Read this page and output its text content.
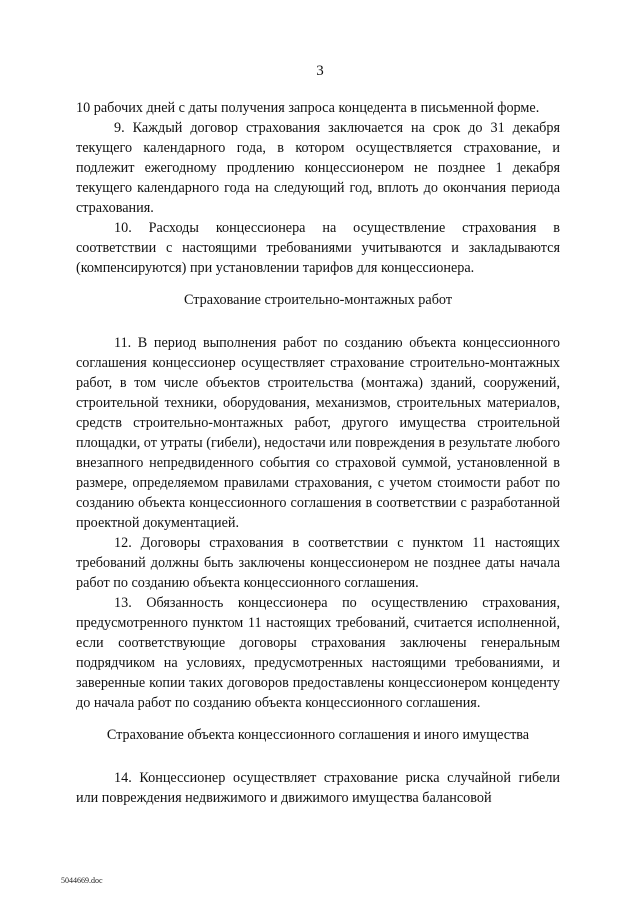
3

10 рабочих дней с даты получения запроса концедента в письменной форме.

9. Каждый договор страхования заключается на срок до 31 декабря текущего календарного года, в котором осуществляется страхование, и подлежит ежегодному продлению концессионером не позднее 1 декабря текущего календарного года на следующий год, вплоть до окончания периода страхования.

10. Расходы концессионера на осуществление страхования в соответствии с настоящими требованиями учитываются и закладываются (компенсируются) при установлении тарифов для концессионера.

Страхование строительно-монтажных работ

11. В период выполнения работ по созданию объекта концессионного соглашения концессионер осуществляет страхование строительно-монтажных работ, в том числе объектов строительства (монтажа) зданий, сооружений, строительной техники, оборудования, механизмов, строительных материалов, средств строительно-монтажных работ, другого имущества строительной площадки, от утраты (гибели), недостачи или повреждения в результате любого внезапного непредвиденного события со страховой суммой, установленной в размере, определяемом правилами страхования, с учетом стоимости работ по созданию объекта концессионного соглашения в соответствии с разработанной проектной документацией.

12. Договоры страхования в соответствии с пунктом 11 настоящих требований должны быть заключены концессионером не позднее даты начала работ по созданию объекта концессионного соглашения.

13. Обязанность концессионера по осуществлению страхования, предусмотренного пунктом 11 настоящих требований, считается исполненной, если соответствующие договоры страхования заключены генеральным подрядчиком на условиях, предусмотренных настоящими требованиями, и заверенные копии таких договоров предоставлены концессионером концеденту до начала работ по созданию объекта концессионного соглашения.

Страхование объекта концессионного соглашения и иного имущества

14. Концессионер осуществляет страхование риска случайной гибели или повреждения недвижимого и движимого имущества балансовой

5044669.doc
